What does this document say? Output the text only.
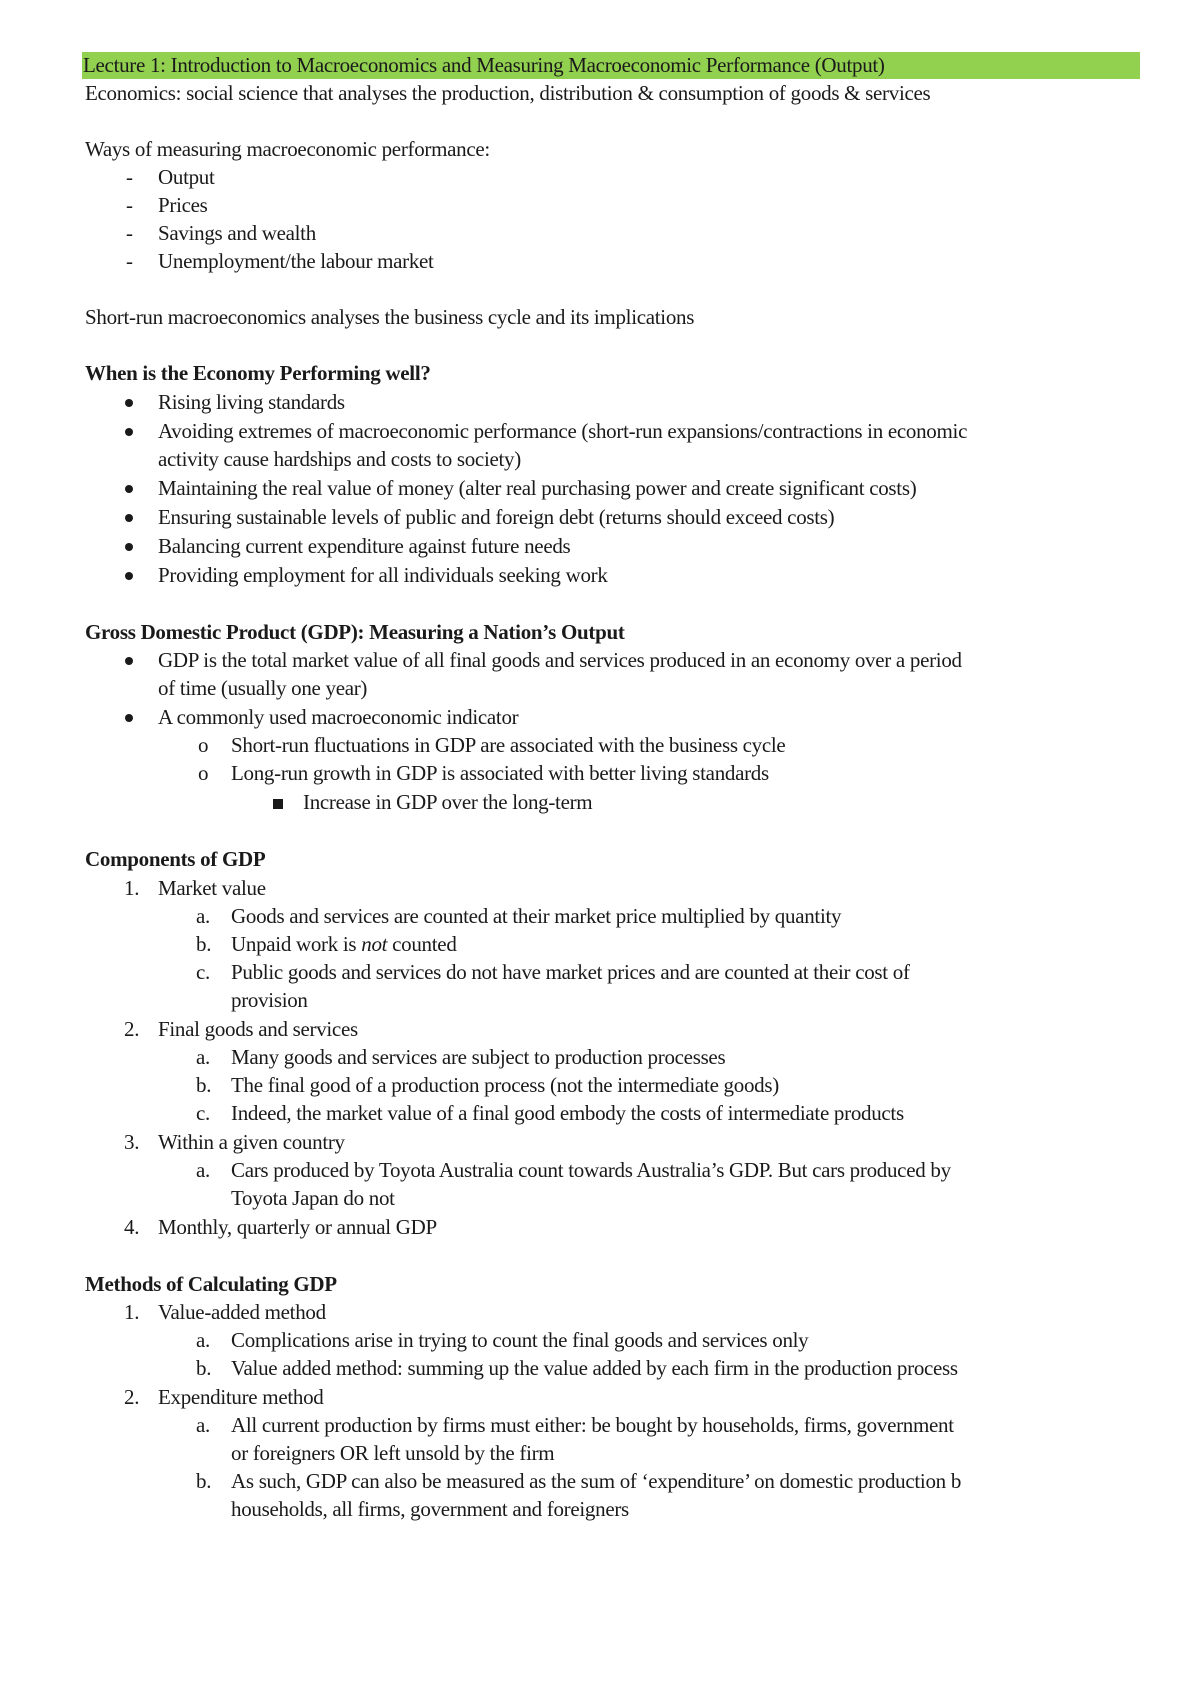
Lecture 1: Introduction to Macroeconomics and Measuring Macroeconomic Performance (Output)
Economics: social science that analyses the production, distribution & consumption of goods & services
Ways of measuring macroeconomic performance:
- Output
- Prices
- Savings and wealth
- Unemployment/the labour market
Short-run macroeconomics analyses the business cycle and its implications
When is the Economy Performing well?
Rising living standards
Avoiding extremes of macroeconomic performance (short-run expansions/contractions in economic
activity cause hardships and costs to society)
Maintaining the real value of money (alter real purchasing power and create significant costs)
Ensuring sustainable levels of public and foreign debt (returns should exceed costs)
Balancing current expenditure against future needs
Providing employment for all individuals seeking work
Gross Domestic Product (GDP): Measuring a Nation’s Output
GDP is the total market value of all final goods and services produced in an economy over a period
of time (usually one year)
A commonly used macroeconomic indicator
o Short-run fluctuations in GDP are associated with the business cycle
o Long-run growth in GDP is associated with better living standards
Increase in GDP over the long-term
Components of GDP
1. Market value
a. Goods and services are counted at their market price multiplied by quantity
b. Unpaid work is not counted
c. Public goods and services do not have market prices and are counted at their cost of
provision
2. Final goods and services
a. Many goods and services are subject to production processes
b. The final good of a production process (not the intermediate goods)
c. Indeed, the market value of a final good embody the costs of intermediate products
3. Within a given country
a. Cars produced by Toyota Australia count towards Australia’s GDP. But cars produced by
Toyota Japan do not
4. Monthly, quarterly or annual GDP
Methods of Calculating GDP
1. Value-added method
a. Complications arise in trying to count the final goods and services only
b. Value added method: summing up the value added by each firm in the production process
2. Expenditure method
a. All current production by firms must either: be bought by households, firms, government
or foreigners OR left unsold by the firm
b. As such, GDP can also be measured as the sum of ‘expenditure’ on domestic production b
households, all firms, government and foreigners
